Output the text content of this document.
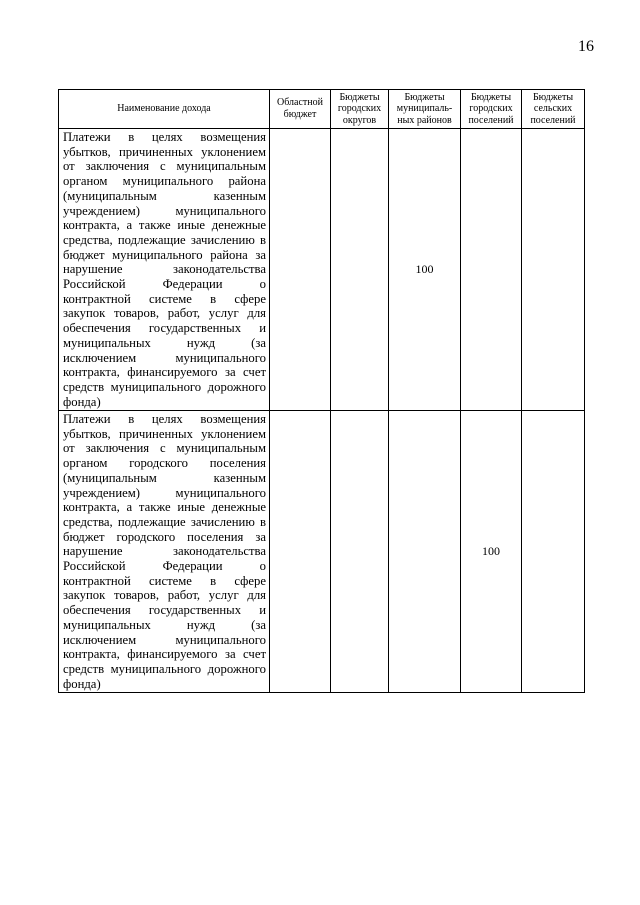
16
Наименование дохода	Областной бюджет	Бюджеты городских округов	Бюджеты муниципаль- ных районов	Бюджеты городских поселений	Бюджеты сельских поселений
Платежи в целях возмещения убытков, причиненных уклонением от заключения с муниципальным органом муниципального района (муниципальным казенным учреждением) муниципального контракта, а также иные денежные средства, подлежащие зачислению в бюджет муниципального района за нарушение законодательства Российской Федерации о контрактной системе в сфере закупок товаров, работ, услуг для обеспечения государственных и муниципальных нужд (за исключением муниципального контракта, финансируемого за счет средств муниципального дорожного фонда)			100		
Платежи в целях возмещения убытков, причиненных уклонением от заключения с муниципальным органом городского поселения (муниципальным казенным учреждением) муниципального контракта, а также иные денежные средства, подлежащие зачислению в бюджет городского поселения за нарушение законодательства Российской Федерации о контрактной системе в сфере закупок товаров, работ, услуг для обеспечения государственных и муниципальных нужд (за исключением муниципального контракта, финансируемого за счет средств муниципального дорожного фонда)				100	
